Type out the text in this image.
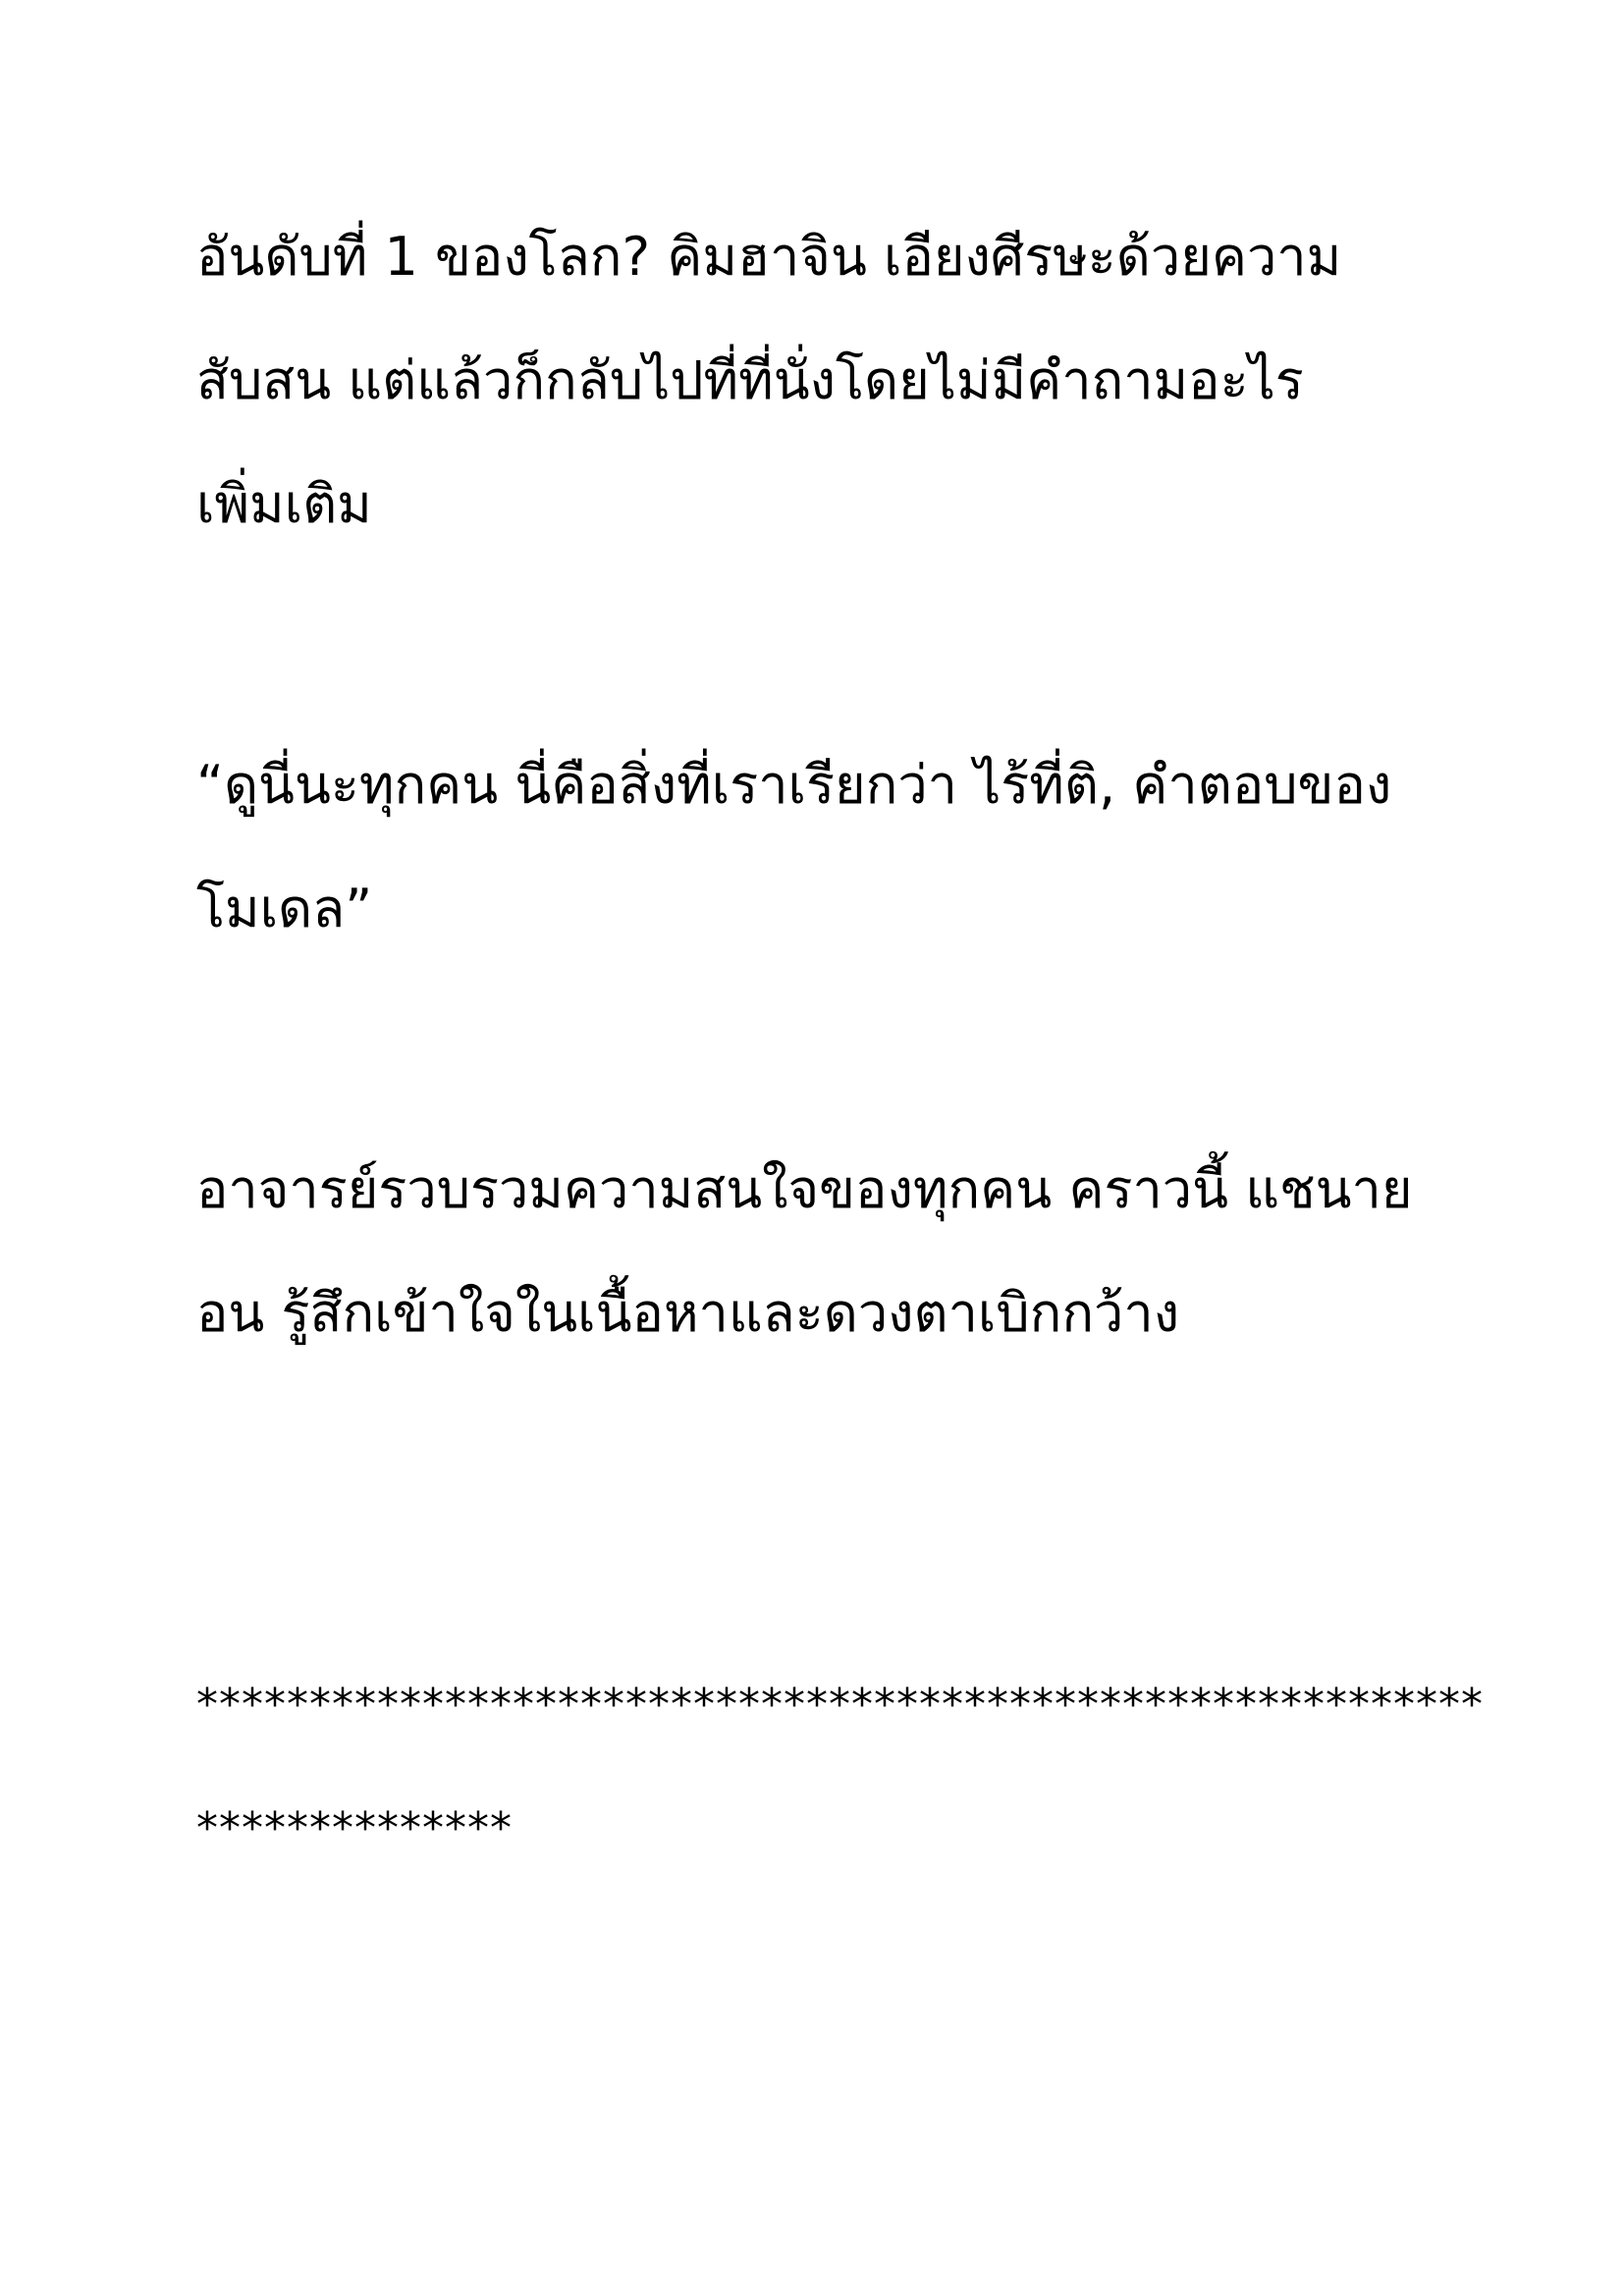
อันดับที่ 1 ของโลก? คิมฮาจิน เอียงศีรษะด้วยความ
สับสน แต่แล้วก็กลับไปที่ที่นั่งโดยไม่มีคำถามอะไร
เพิ่มเติม
“ดูนี่นะทุกคน นี่คือสิ่งที่เราเรียกว่า ไร้ที่ติ, คำตอบของ
โมเดล”
อาจารย์รวบรวมความสนใจของทุกคน คราวนี้ แชนาย
อน รู้สึกเข้าใจในเนื้อหาและดวงตาเบิกกว้าง
*********************************************************
**************
